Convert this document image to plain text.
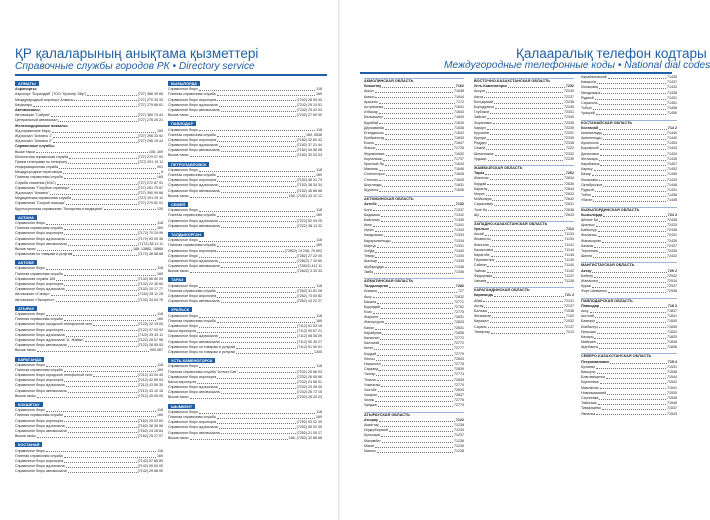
ҚР қалаларының анықтама қызметтері
Справочные службы городов РК • Directory service
АЛМАТЫ
Аэропорты:
Аэропорт "Боралдай" (ТОО "Культер Эйр")	(727) 388 39 80
Международный аэропорт Алматы	(727) 270 33 33
Казахаэро	(727) 279 66 61
Автовокзалы:
Автовокзал "Сайран"	(727) 380 74 44
Центральный автовокзал	(727) 276 26 21
Железнодорожные вокзалы:
Жд справочное бюро	105
Жд вокзал "Алматы 1"	(727) 296 33 92
Жд вокзал "Алматы 2"	(727) 296 15 44
Справочные службы:
Выше такси	108, 169
Бесплатная справочная служба	(727) 279 07 00
Прием телеграмм по телефону	(727) 291 19 11
Информационная служба	001
Междугородние переговоры	8
Платная справочная служба	169
Служба спасения (МЧС)	(727) 272 87 91
Справочная "Голубые страницы"	(727) 261 79 87
Жд вокзал "Алматы"	(727) 390 99 66
Медицинская справочная служба	(727) 291 29 11
Справочная "Скорой помощи"	(727) 279 82 01
Круглосуточная справочная "Лекарства и медицина"	139
АСТАНА
Справочное бюро	118
Платная справочная служба	169
Справочное бюро аэропорта	(7172) 70 29 99
Справочное бюро жд вокзала	(7172) 93 09 36
Справочное бюро автовокзала	(7172) 38 11 11
Вызов такси	188, 13883, 15868
Справочная по товарам и услугам	(7172) 38 88 88
АКТОБЕ
Справочное бюро	118
Платная справочная служба	169
Справочная служба 169	(7132) 56 60 09
Справочное бюро аэропорта	(7132) 22 45 60
Справочное бюро жд вокзала	(7132) 20 17 77
Автовокзал «Сапар»	(7132) 25 11 25
Автовокзал «Экспресс»	(7132) 34 04 76
АТЫРАУ
Справочное бюро	118
Платная справочная служба	169
Справочное бюро городской телефонной сети	(7122) 22 19 00
Справочное бюро аэропорта	(7122) 97 03 92
Справочное бюро жд вокзала	(7122) 29 43 11
Справочное бюро жд вокзала "А. Жайык"	(7122) 28 07 98
Справочное бюро автовокзала	(7122) 28 55 93
Вызов такси	000,067
КАРАГАНДА
Справочное бюро	118
Платная справочная служба	169
Справочное бюро городской телефонной сети	(7212) 43 04 45
Справочное бюро аэропорта	(7212) 42 65 04
Справочное бюро жд вокзала	(7212) 43 56 30
Справочное бюро автовокзала	(7212) 43 10 16
Вызов такси	(7212) 45 55 05
КОКШЕТАУ
Справочное бюро	118
Платная справочная служба	169
Справочное бюро аэропорта	(7162) 25 03 63
Справочное бюро жд вокзала	(7162) 38 35 56
Справочное бюро автовокзала	(7162) 24 28 84
Вызов такси	(7162) 25 27 07
КОСТАНАЙ
Справочное бюро	118
Платная справочная служба	169
Справочное бюро аэропорта	(7142) 57 66 80
Справочное бюро жд вокзала	(7142) 59 63 00
Справочное бюро автовокзала	(7142) 25 58 00
КЫЗЫЛОРДА
Справочное бюро	118
Платная справочная служба	169
Справочное бюро аэропорта	(7242) 28 05 43
Справочное бюро жд вокзала	(7242) 29 24 51
Справочное бюро автовокзала	(7242) 23 42 03
Вызов такси	(7242) 27 69 30
ПАВЛОДАР
Справочное бюро	118
Платная справочная служба	169, 5536
Справочное бюро аэропорта	(7182) 32 60 42
Справочное бюро жд вокзала	(7182) 37 21 44
Справочное бюро автовокзала	(7182) 54 56 08
Вызов такси	(7182) 32 03 03
ПЕТРОПАВЛОВСК
Справочное бюро	118
Платная справочная служба	169
Справочное бюро аэропорта	(7152) 46 31 73
Справочное бюро жд вокзала	(7152) 38 34 34
Справочное бюро автовокзала	(7152) 46 86 68
Вызов такси	156, (7152) 43 12 12
СЕМЕЙ
Справочное бюро	118
Платная справочная служба	169
Справочное бюро жд вокзала	(7222) 52 09 25
Справочное бюро автовокзала	(7222) 38 13 32
ТАЛДЫКОРГАН
Справочное бюро	118
Платная справочная служба	169
Справочное бюро аэропорта	(72822) 74 246, 75 602
Справочное бюро	(7282) 27 22 00
Справочное бюро жд вокзала	(72822) 7 15 60
Справочное бюро автовокзала	(72822) 411 11
Вызов такси	(72822) 3 33 33
ТАРАЗ
Справочное бюро	118
Платная справочная служба	(7262) 31 81 26
Справочное бюро аэропорта	(7262) 73 00 82
Справочное бюро автовокзала	(7262) 43 22 27
УРАЛЬСК
Справочное бюро	118
Платная справочная служба	169
Справочное бюро	(7112) 51 03 15
Касса аэропорта	(7112) 93 67 21
Справочное бюро жд вокзала	(7112) 98 36 09
Справочное бюро автовокзала	(7112) 50 39 27
Справочное бюро по товарам и услугам	(7112) 51 50 51
Справочное бюро по товарам и услугам	1305
УСТЬ-КАМЕНОГОРСК
Справочное бюро	118
Платная справочная служба "Алтын Сая"	(7232) 25 66 03
Справочное бюро аэропорта	(7232) 26 65 66
Касса аэропорта	(7232) 24 58 01
Справочное бюро жд вокзала	(7232) 23 28 40
Справочное бюро автовокзала	(7232) 26 72 15
Вызов такси	(7232) 26 43 23
ШЫМКЕНТ
Справочное бюро	118
Платная справочная служба	169
Справочное бюро аэропорта	(7252) 53 02 40
Справочное бюро жд вокзала	(7252) 95 03 30
Справочное бюро автовокзала	(7252) 21 05 27
Вызов такси	166, (7252) 32 66 66
Қалааралық телефон кодтары
Междугородные телефонные коды • National dial codes
АКМОЛИНСКАЯ ОБЛАСТЬ
Кокшетау	7162
Аккол	71638
Акмол	71644
Аршалы	7172
Астраханка	71641
Атбасар	71643
Балкашино	71640
Бурабай	71630
Державинск	71636
Егиндыколь	71642
Ерейментау	71633
Есиль	71647
Жаксы	71735
Журавлевка	71632
Коргалжын	71737
Красный Яр	71634
Макинск	71646
Степногорск	71645
Степняк	71639
Шортанды	71631
Щучинск	71636
АКТЮБИНСКАЯ ОБЛАСТЬ
Актобе	7132
Алга	71337
Бадамша	71342
Байганин	71345
Жем	71341
Иргиз	71343
Кандыагаш	71333
Карауылкельды	71334
Мартук	71331
Хобда	71340
Темир	71330
Шалкар	71335
Шубаркудук	71346
Эмба	71336
АЛМАТИНСКАЯ ОБЛАСТЬ
Талдыкорган	7282
Алматы	727
Аксу	72832
Бакана	72771
Бурундай	72752
Есик	72775
Жаркент	72831
Жансугуров	72833
Капал	72841
Карабулак	72836
Каскелен	72772
Капчагай	72772
Кеген	72777
Кордай	72779
Лепсы	72843
Нарынкол	72778
Сарканд	72839
Талгар	72774
Текели	72835
Узынагаш	72770
Уштобе	72834
Ушарал	72837
Чилик	72776
Чунджа	72779
АТЫРАУСКАЯ ОБЛАСТЬ
Атырау	7122
Аккистау	71238
Индерборский	71234
Кульсары	71237
Махамбет	71236
Макат	71239
Миялы	71238
ВОСТОЧНО-КАЗАХСТАНСКАЯ ОБЛАСТЬ
Усть-Каменогорск	7232
Аксуат	72240
Аягоз	72237
Бесқарагай	72236
Бородулиха	72240
Глубокое	72331
Зайсан	72340
Зыряновск	72335
Караул	72239
Курчатов	72251
Курчум	72339
Риддер	72336
Семей	7222
Шемонаиха	72332
Урджар	72230
ЖАМБЫЛСКАЯ ОБЛАСТЬ
Тараз	7262
Жанатас	72634
Кордай	72636
Каратау	72644
Мерке	72632
Мойынкум	72642
Сарыкемер	72631
Толе би	72638
Шу	72643
ЗАПАДНО-КАЗАХСТАНСКАЯ ОБЛАСТЬ
Уральск	7112
Аксай	71133
Жымпиты	71134
Жангала	71141
Казталовка	71144
Каратобе	71145
Переметное	71130
Сайхин	71140
Тайпак	71142
Федоровка	71137
Чапаев	71136
КАРАГАНДИНСКАЯ ОБЛАСТЬ
Караганда	721 2
Абай	72131
Актау	72137
Балхаш	71036
Жезказган	7102
Каражал	71032
Сарань	72137
Темиртау	7213
Карабалыкский	71435
Камысты	71437
Лисаковск	71433
Мендыкара	71438
Рудный	71431
Сарыколь	71451
Тобыл	71456
Урицкий	71459
КОСТАНАЙСКАЯ ОБЛАСТЬ
Костанай	714 2
Аманкельды	71440
Амангельды	71440
Аулиеколь	71453
Боровской	71443
Денисовка	71434
Житикара	71435
Карабалык	71457
Карасу	71452
Качар	71456
Лисаковск	71433
Октябрьское	71446
Рудный	71431
Тобол	71436
Убаган	71445
КЫЗЫЛОРДИНСКАЯ ОБЛАСТЬ
Кызылорда	724 2
Айтеке Би	72438
Аральск	72433
Байконур	72436
Жалагаш	72431
Жанакорган	72435
Казалы	72437
Теренозек	72436
Шиели	72432
МАНГИСТАУСКАЯ ОБЛАСТЬ
Актау	729 2
Бейнеу	72932
Жанаозен	72934
Курык	72937
Форт-Шевченко	72938
ПАВЛОДАРСКАЯ ОБЛАСТЬ
Павлодар	718 2
Аксу	71837
Актогай	71841
Баянаул	71840
Екибастуз	71835
Иртышск	71832
Качиры	71833
Майкаин	71838
Щербакты	71836
СЕВЕРО-КАЗАХСТАНСКАЯ ОБЛАСТЬ
Петропавловск	715 2
Булаево	71531
Бишкуль	71538
Благовещенка	71544
Корнеевка	71542
Мамлютка	71541
Новоишимский	71535
Сергеевка	71536
Тайынша	71546
Тимирязево	71537
Явленка	71543
